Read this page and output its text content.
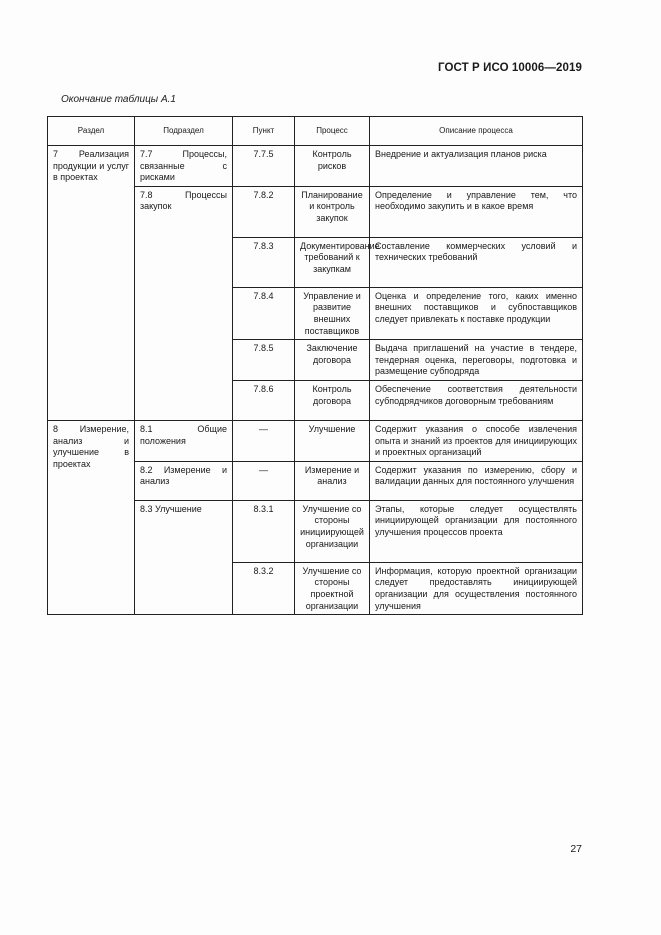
ГОСТ Р ИСО 10006—2019
Окончание таблицы А.1
Раздел	Подраздел	Пункт	Процесс	Описание процесса

7 Реализация продукции и услуг в проектах	7.7 Процессы, связанные с рисками	7.7.5	Контроль рисков	Внедрение и актуализация планов риска
	7.8 Процессы закупок	7.8.2	Планирование и контроль закупок	Определение и управление тем, что необходимо закупить и в какое время
		7.8.3	Документирование требований к закупкам	Составление коммерческих условий и технических требований
		7.8.4	Управление и развитие внешних поставщиков	Оценка и определение того, каких именно внешних поставщиков и субпоставщиков следует привлекать к поставке продукции
		7.8.5	Заключение договора	Выдача приглашений на участие в тендере, тендерная оценка, переговоры, подготовка и размещение субподряда
		7.8.6	Контроль договора	Обеспечение соответствия деятельности субподрядчиков договорным требованиям

8 Измерение, анализ и улучшение в проектах	8.1 Общие положения	—	Улучшение	Содержит указания о способе извлечения опыта и знаний из проектов для инициирующих и проектных организаций
	8.2 Измерение и анализ	—	Измерение и анализ	Содержит указания по измерению, сбору и валидации данных для постоянного улучшения
	8.3 Улучшение	8.3.1	Улучшение со стороны инициирующей организации	Этапы, которые следует осуществлять инициирующей организации для постоянного улучшения процессов проекта
		8.3.2	Улучшение со стороны проектной организации	Информация, которую проектной организации следует предоставлять инициирующей организации для осуществления постоянного улучшения
27
